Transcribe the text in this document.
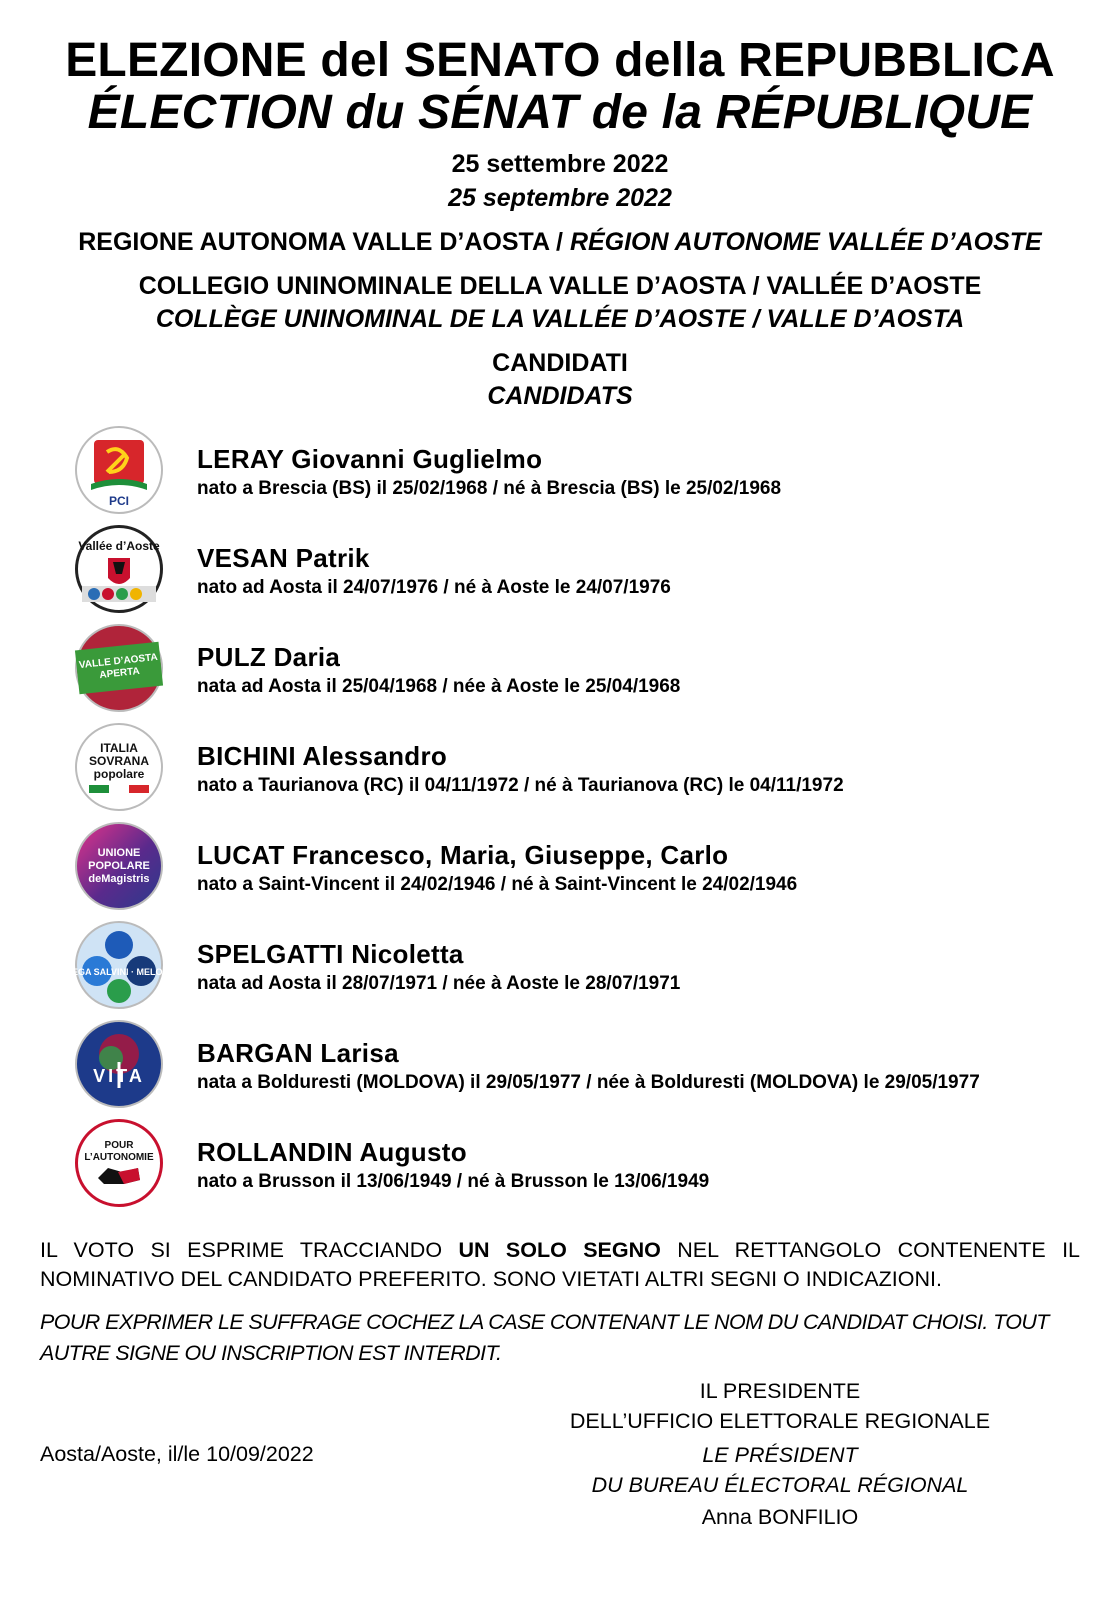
ELEZIONE del SENATO della REPUBBLICA
ÉLECTION du SÉNAT de la RÉPUBLIQUE
25 settembre 2022
25 septembre 2022
REGIONE AUTONOMA VALLE D’AOSTA / RÉGION AUTONOME VALLÉE D’AOSTE
COLLEGIO UNINOMINALE DELLA VALLE D’AOSTA / VALLÉE D’AOSTE
COLLÈGE UNINOMINAL DE LA VALLÉE D’AOSTE / VALLE D’AOSTA
CANDIDATI
CANDIDATS
PCI
LERAY Giovanni Guglielmo
nato a Brescia (BS) il 25/02/1968 / né à Brescia (BS) le 25/02/1968
Vallée d’Aoste VESAN Patrik
nato ad Aosta il 24/07/1976 / né à Aoste le 24/07/1976
VALLE D’AOSTA APERTA
PULZ Daria
nata ad Aosta il 25/04/1968 / née à Aoste le 25/04/1968
ITALIA SOVRANA popolare
BICHINI Alessandro
nato a Taurianova (RC) il 04/11/1972 / né à Taurianova (RC) le 04/11/1972
UNIONE POPOLARE deMagistris
LUCAT Francesco, Maria, Giuseppe, Carlo
nato a Saint-Vincent il 24/02/1946 / né à Saint-Vincent le 24/02/1946
LEGA SALVINI · MELONI
SPELGATTI Nicoletta
nata ad Aosta il 28/07/1971 / née à Aoste le 28/07/1971
VITA
BARGAN Larisa
nata a Bolduresti (MOLDOVA) il 29/05/1977 / née à Bolduresti (MOLDOVA) le 29/05/1977
POUR L’AUTONOMIE ROLLANDIN Augusto
nato a Brusson il 13/06/1949 / né à Brusson le 13/06/1949
IL VOTO SI ESPRIME TRACCIANDO UN SOLO SEGNO NEL RETTANGOLO CONTENENTE IL NOMINATIVO DEL CANDIDATO PREFERITO. SONO VIETATI ALTRI SEGNI O INDICAZIONI.
POUR EXPRIMER LE SUFFRAGE COCHEZ LA CASE CONTENANT LE NOM DU CANDIDAT CHOISI. TOUT AUTRE SIGNE OU INSCRIPTION EST INTERDIT.
Aosta/Aoste, il/le 10/09/2022
IL PRESIDENTE
DELL’UFFICIO ELETTORALE REGIONALE
LE PRÉSIDENT
DU BUREAU ÉLECTORAL RÉGIONAL
Anna BONFILIO
